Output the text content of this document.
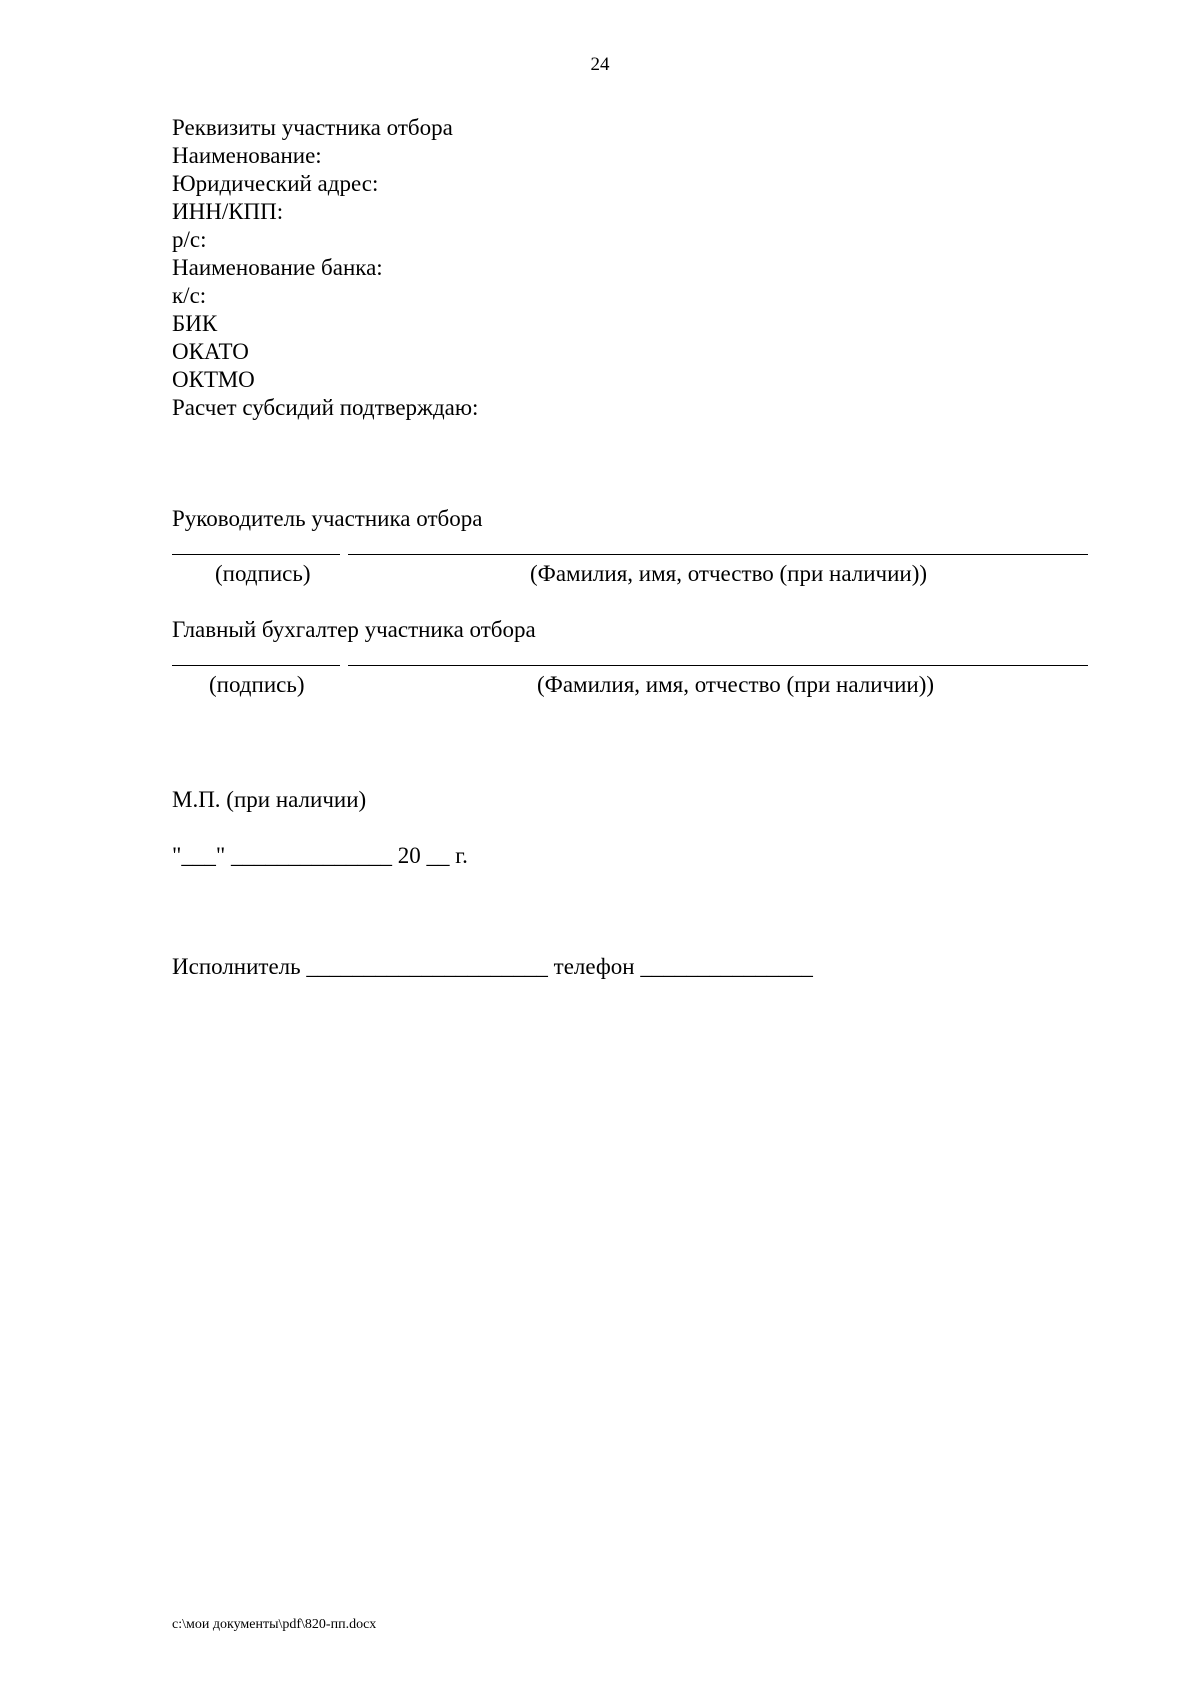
24
Реквизиты участника отбора
Наименование:
Юридический адрес:
ИНН/КПП:
р/с:
Наименование банка:
к/с:
БИК
ОКАТО
ОКТМО
Расчет субсидий подтверждаю:
Руководитель участника отбора
(подпись)	(Фамилия, имя, отчество (при наличии))
Главный бухгалтер участника отбора
(подпись)	(Фамилия, имя, отчество (при наличии))
М.П. (при наличии)
"___" ______________ 20 __ г.
Исполнитель _____________________ телефон _______________
c:\мои документы\pdf\820-пп.docx
